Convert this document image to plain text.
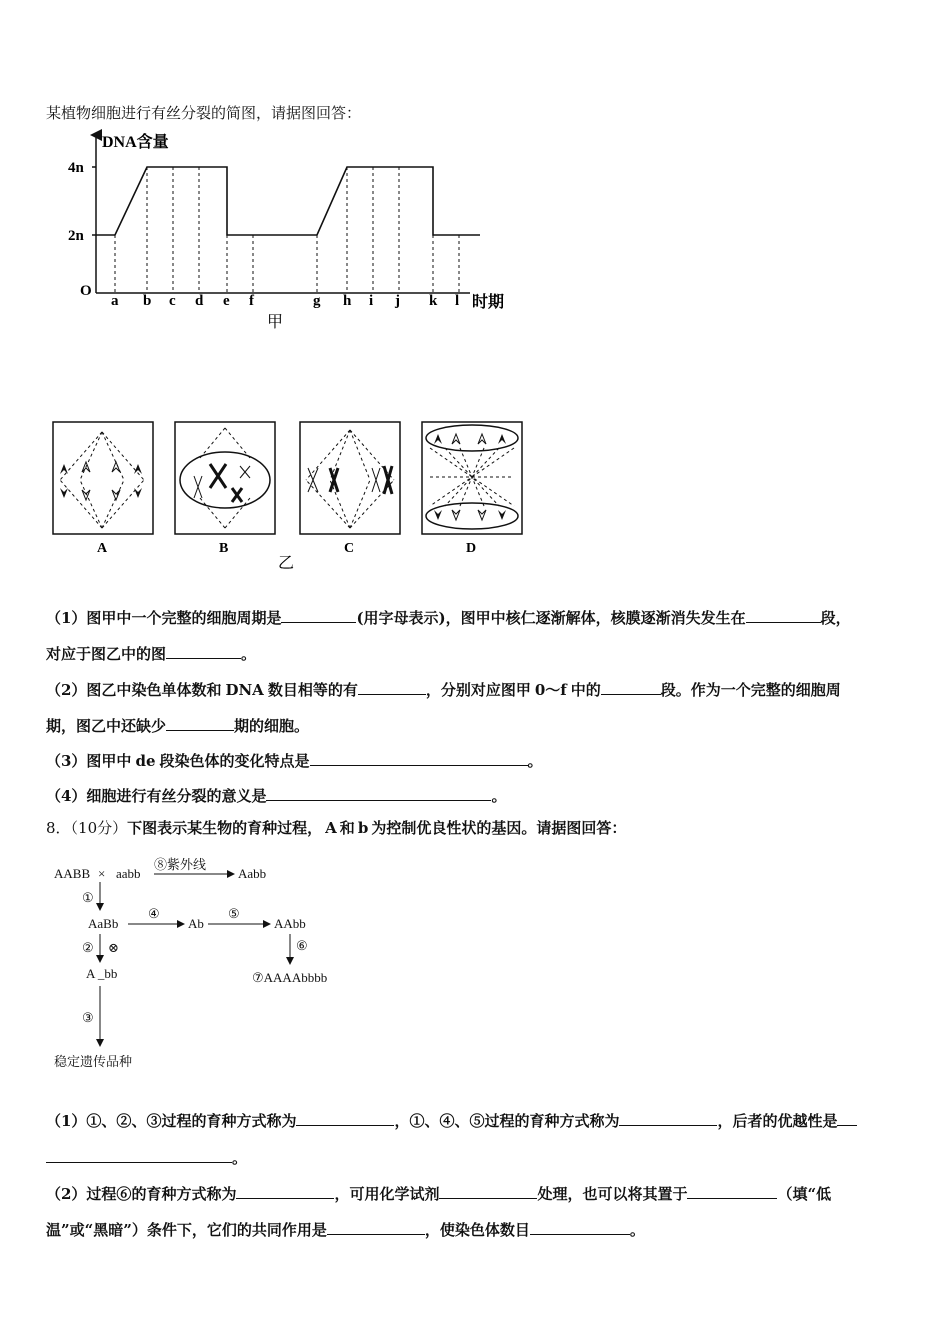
某植物细胞进行有丝分裂的简图，请据图回答：
DNA含量
O
4n
2n
时期
甲
a b c d e f	g h i j k l
A	B	C	D
乙
（1）图甲中一个完整的细胞周期是	(用字母表示)，图甲中核仁逐渐解体，核膜逐渐消失发生在	段，
对应于图乙中的图	。
（2）图乙中染色单体数和 DNA 数目相等的有	，分别对应图甲 0～f 中的	段。作为一个完整的细胞周
期，图乙中还缺少	期的细胞。
（3）图甲中 de 段染色体的变化特点是	。
（4）细胞进行有丝分裂的意义是	。
8．（10分）下图表示某生物的育种过程， A 和 b 为控制优良性状的基因。请据图回答：
AABB × aabb
⑧紫外线
Aabb
①
AaBb
④
Ab
⑤
AAbb
② ⊗
A _bb
⑥
⑦AAAAbbbb
③
稳定遗传品种
（1）①、②、③过程的育种方式称为	，①、④、⑤过程的育种方式称为	，后者的优越性是
。
（2）过程⑥的育种方式称为	，可用化学试剂	处理，也可以将其置于	（填“低
温”或“黑暗”）条件下，它们的共同作用是	，使染色体数目	。
